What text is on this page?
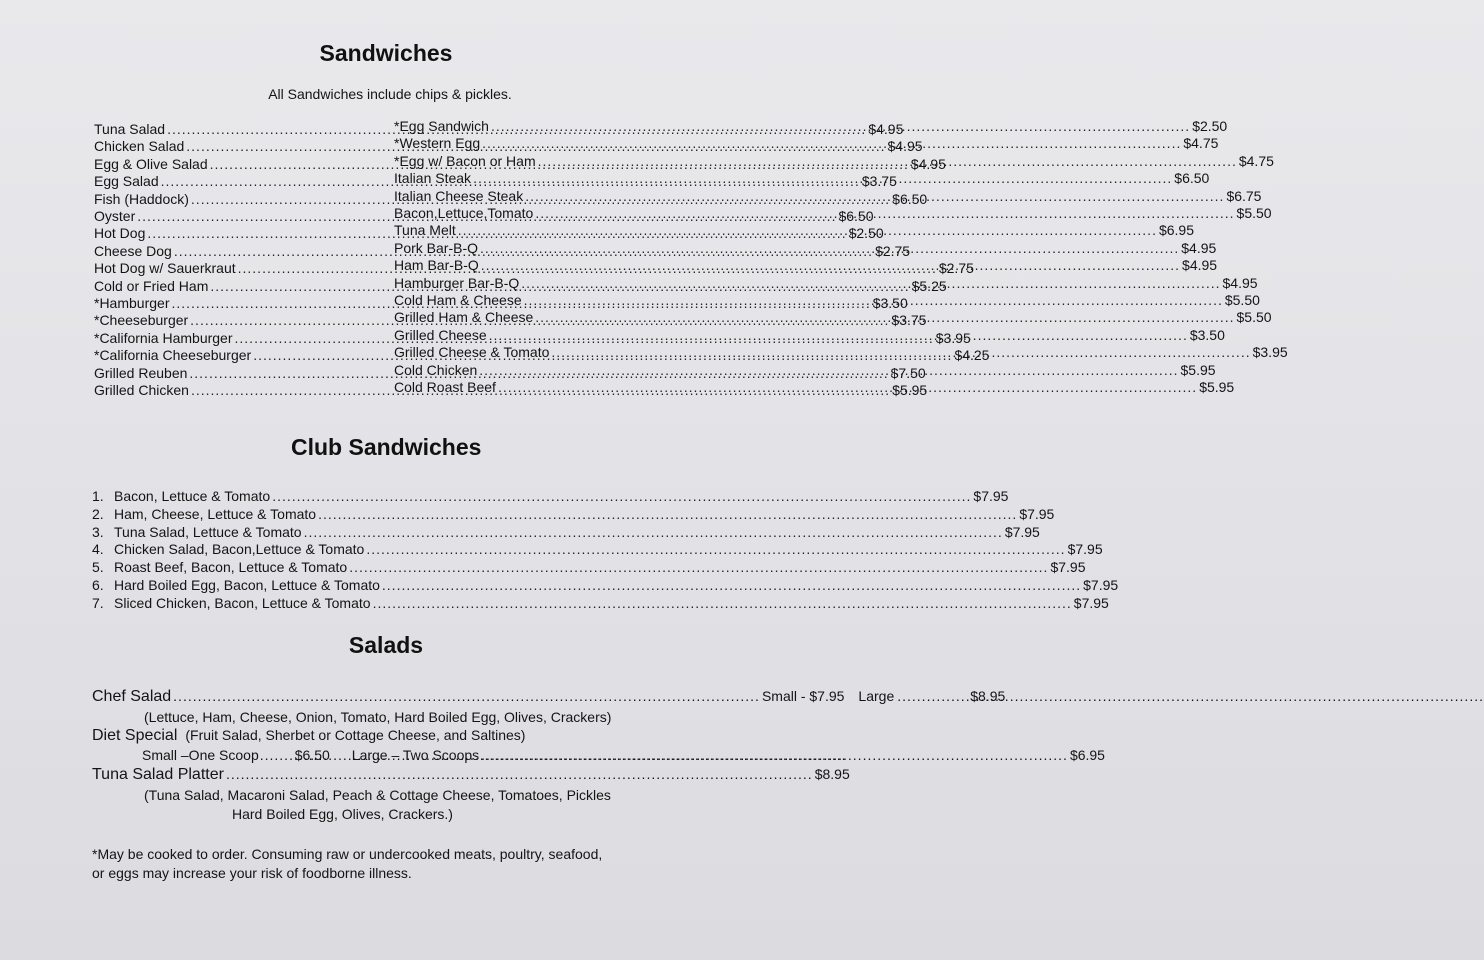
Sandwiches
All Sandwiches include chips & pickles.
Tuna Salad .....	$4.95
Chicken Salad .....	$4.95
Egg & Olive Salad .....	$4.95
Egg Salad .....	$3.75
Fish (Haddock) .....	$6.50
Oyster .....	$6.50
Hot Dog .....	$2.50
Cheese Dog .....	$2.75
Hot Dog w/ Sauerkraut .....	$2.75
Cold or Fried Ham .....	$5.25
*Hamburger .....	$3.50
*Cheeseburger .....	$3.75
*California Hamburger .....	$3.95
*California Cheeseburger .....	$4.25
Grilled Reuben .....	$7.50
Grilled Chicken .....	$5.95
*Egg Sandwich .....	$2.50
*Western Egg .....	$4.75
*Egg w/ Bacon or Ham .....	$4.75
Italian Steak .....	$6.50
Italian Cheese Steak .....	$6.75
Bacon,Lettuce,Tomato .....	$5.50
Tuna Melt .....	$6.95
Pork Bar-B-Q .....	$4.95
Ham Bar-B-Q .....	$4.95
Hamburger Bar-B-Q .....	$4.95
Cold Ham & Cheese .....	$5.50
Grilled Ham & Cheese .....	$5.50
Grilled Cheese .....	$3.50
Grilled Cheese & Tomato .....	$3.95
Cold Chicken .....	$5.95
Cold Roast Beef .....	$5.95
Club Sandwiches
1. Bacon, Lettuce & Tomato .....	$7.95
2. Ham, Cheese, Lettuce & Tomato .....	$7.95
3. Tuna Salad, Lettuce & Tomato .....	$7.95
4. Chicken Salad, Bacon,Lettuce & Tomato .....	$7.95
5. Roast Beef, Bacon, Lettuce & Tomato .....	$7.95
6. Hard Boiled Egg, Bacon, Lettuce & Tomato .....	$7.95
7. Sliced Chicken, Bacon, Lettuce & Tomato .....	$7.95
Salads
Chef Salad .....	Small - $7.95 Large .....	$8.95
(Lettuce, Ham, Cheese, Onion, Tomato, Hard Boiled Egg, Olives, Crackers)
Diet Special (Fruit Salad, Sherbet or Cottage Cheese, and Saltines)
Small –One Scoop .....	$6.50 Large – Two Scoops .....	$6.95
Tuna Salad Platter .....	$8.95
(Tuna Salad, Macaroni Salad, Peach & Cottage Cheese, Tomatoes, Pickles
Hard Boiled Egg, Olives, Crackers.)
*May be cooked to order. Consuming raw or undercooked meats, poultry, seafood,
or eggs may increase your risk of foodborne illness.
